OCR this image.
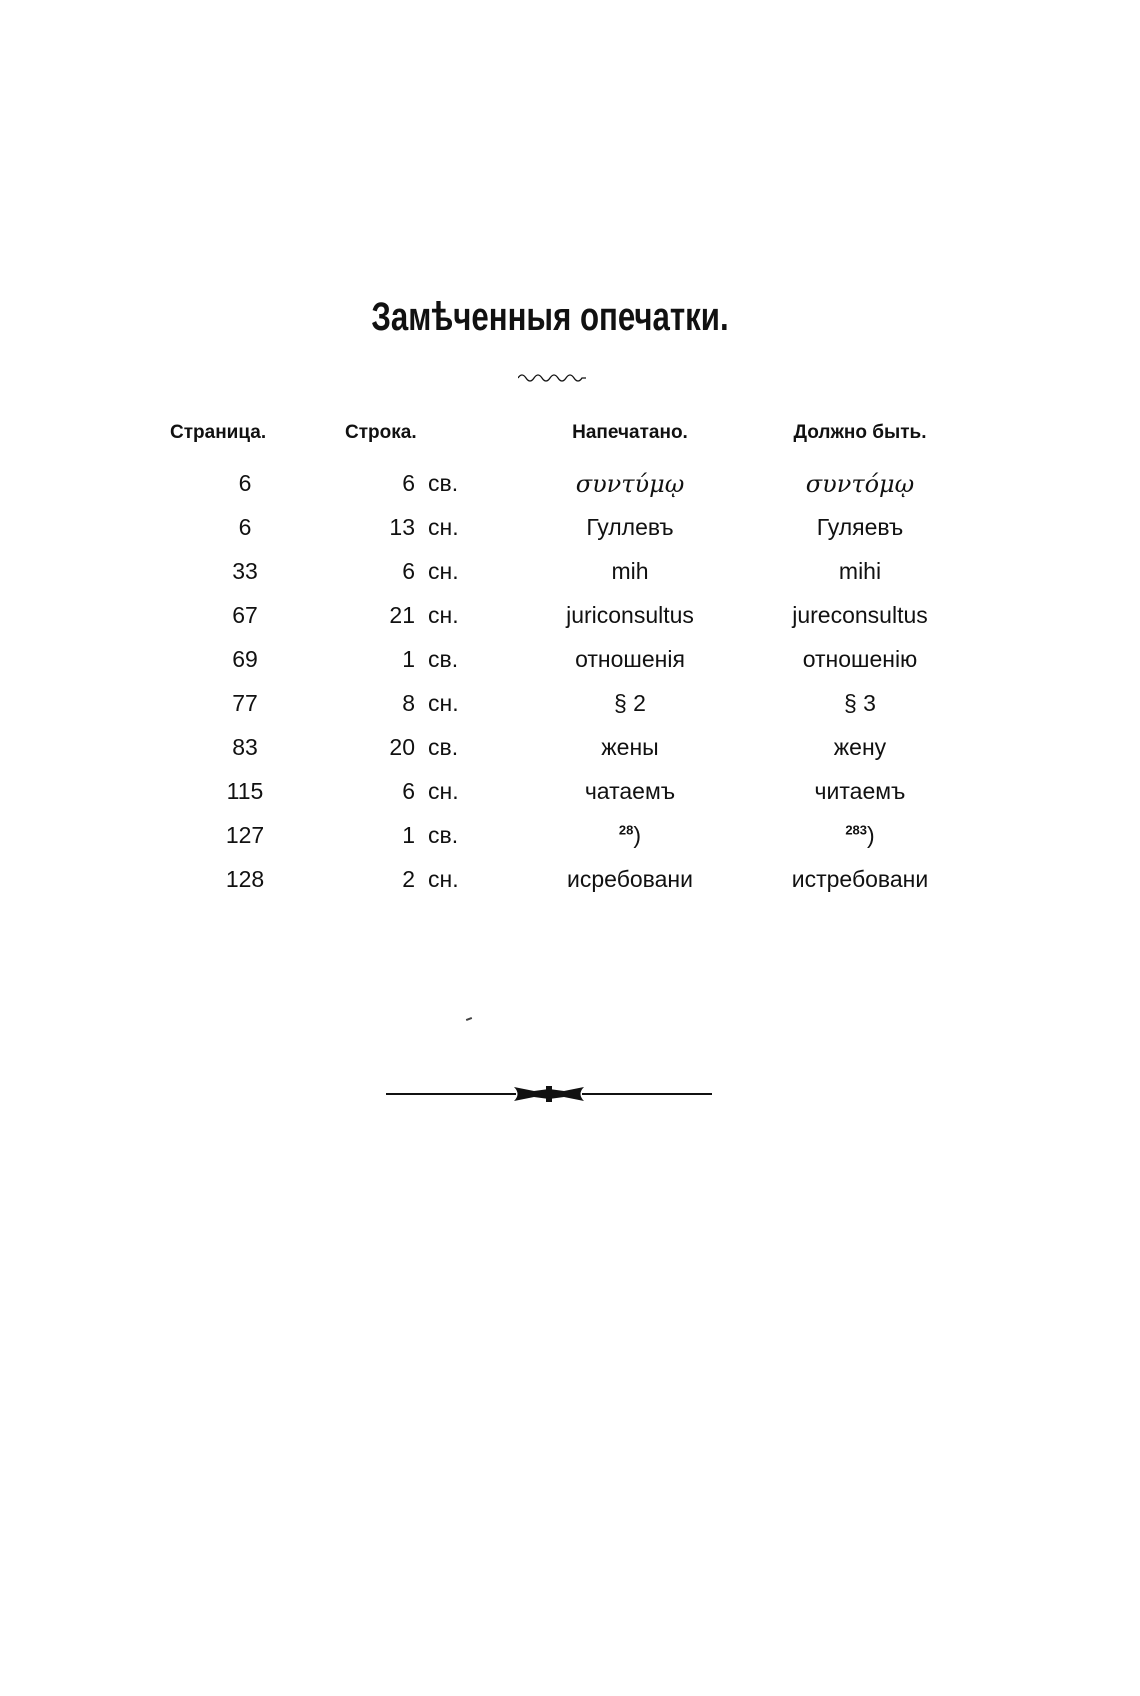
Замѣченныя опечатки.
Страница.	Строка.	Напечатано.	Должно быть.
6	6 св.	συντύμῳ	συντόμῳ
6	13 сн.	Гуллевъ	Гуляевъ
33	6 сн.	mih	mihi
67	21 сн.	juriconsultus	jureconsultus
69	1 св.	отношенія	отношенію
77	8 сн.	§ 2	§ 3
83	20 св.	жены	жену
115	6 сн.	чатаемъ	читаемъ
127	1 св.	$^{28}$)	$^{283}$)
128	2 сн.	исребовани	истребовани
